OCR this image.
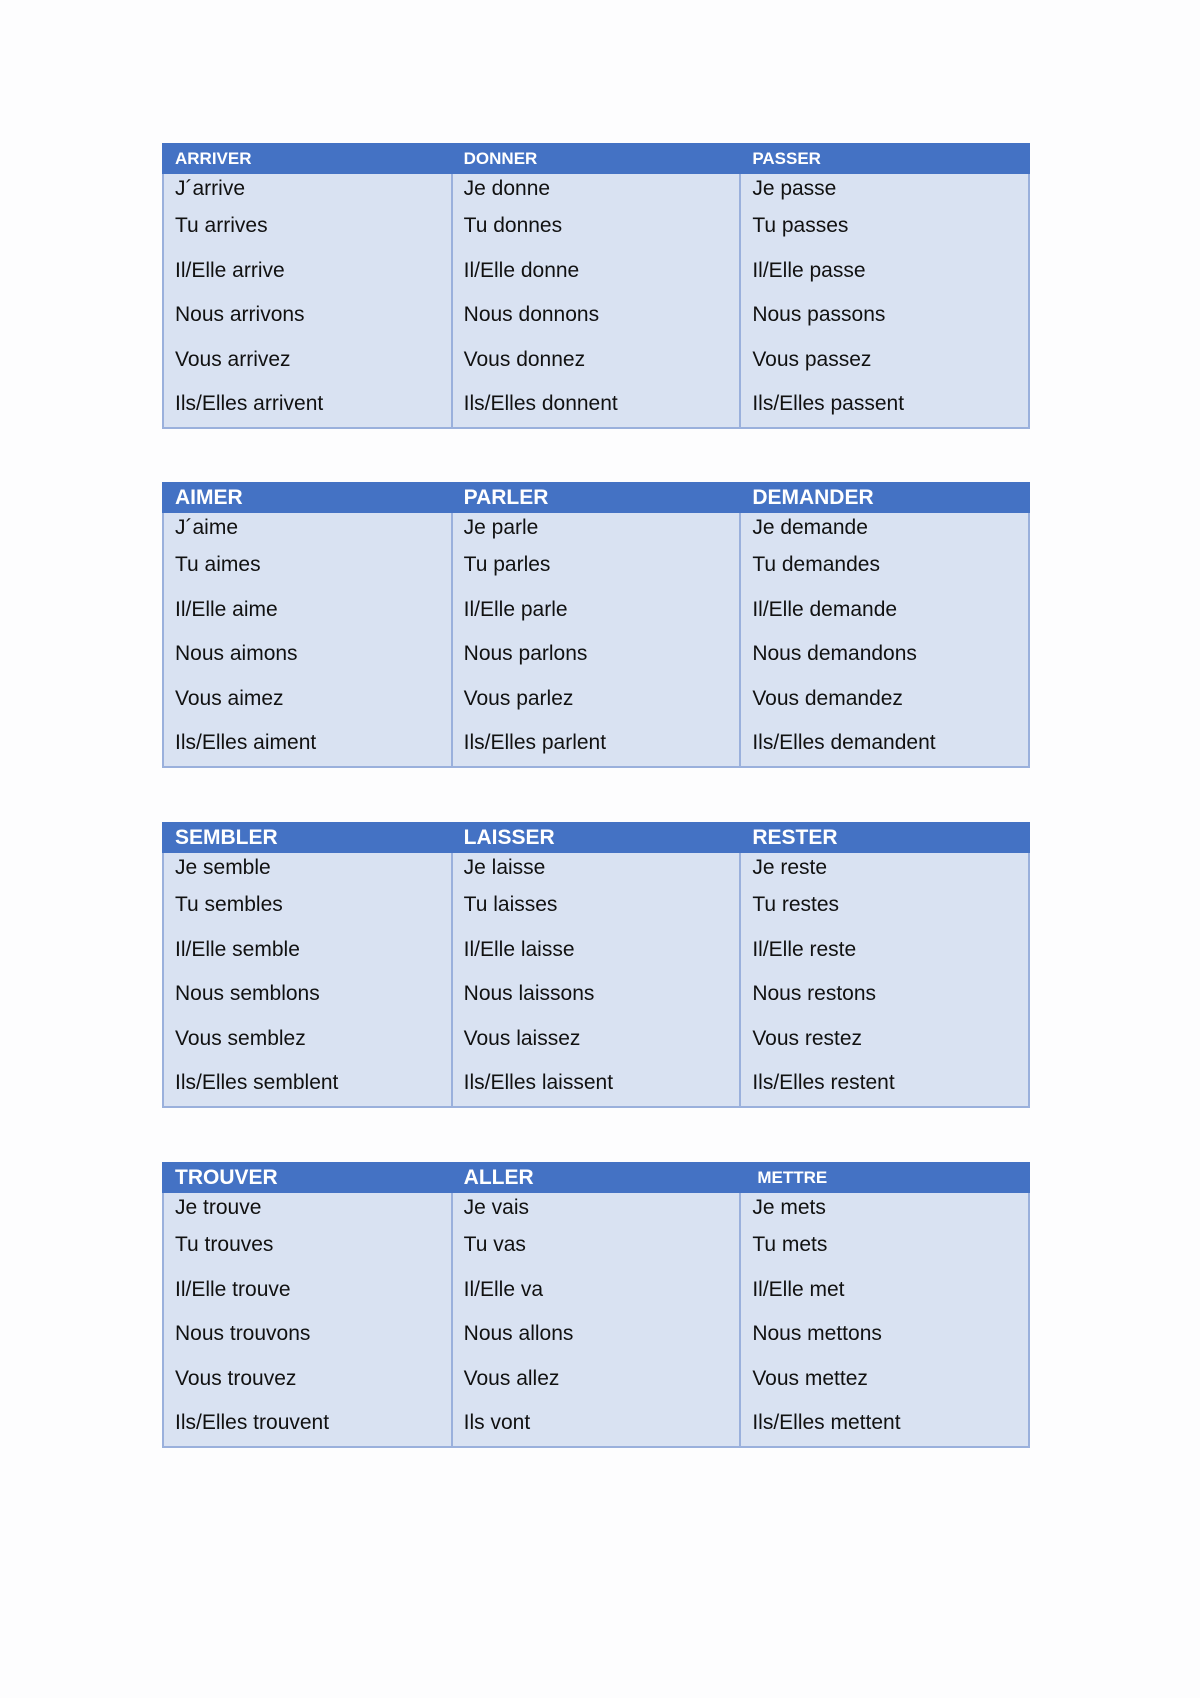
ARRIVER	DONNER	PASSER
J´arrive	Je donne	Je passe
Tu arrives	Tu donnes	Tu passes
Il/Elle arrive	Il/Elle donne	Il/Elle passe
Nous arrivons	Nous donnons	Nous passons
Vous arrivez	Vous donnez	Vous passez
Ils/Elles arrivent	Ils/Elles donnent	Ils/Elles passent
AIMER	PARLER	DEMANDER
J´aime	Je parle	Je demande
Tu aimes	Tu parles	Tu demandes
Il/Elle aime	Il/Elle parle	Il/Elle demande
Nous aimons	Nous parlons	Nous demandons
Vous aimez	Vous parlez	Vous demandez
Ils/Elles aiment	Ils/Elles parlent	Ils/Elles demandent
SEMBLER	LAISSER	RESTER
Je semble	Je laisse	Je reste
Tu sembles	Tu laisses	Tu restes
Il/Elle semble	Il/Elle laisse	Il/Elle reste
Nous semblons	Nous laissons	Nous restons
Vous semblez	Vous laissez	Vous restez
Ils/Elles semblent	Ils/Elles laissent	Ils/Elles restent
TROUVER	ALLER	METTRE
Je trouve	Je vais	Je mets
Tu trouves	Tu vas	Tu mets
Il/Elle trouve	Il/Elle va	Il/Elle met
Nous trouvons	Nous allons	Nous mettons
Vous trouvez	Vous allez	Vous mettez
Ils/Elles trouvent	Ils vont	Ils/Elles mettent
